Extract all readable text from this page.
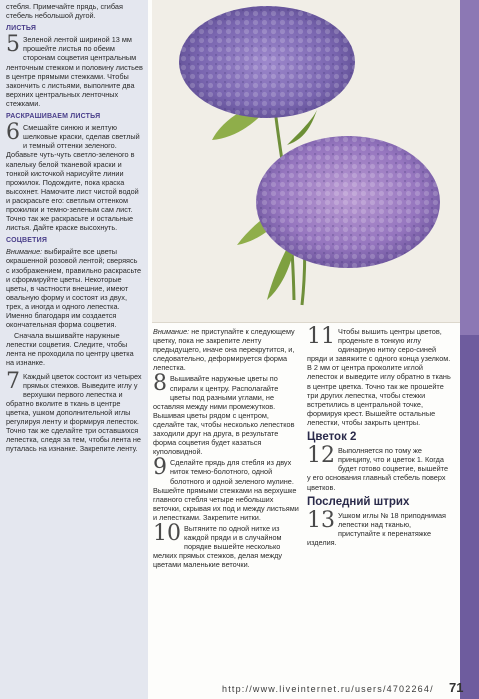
стебля. Примечайте прядь, сгибая стебель небольшой дугой.

ЛИСТЬЯ

5 Зеленой лентой шириной 13 мм прошейте листья по обеим сторонам соцветия центральным ленточным стежком и половину листьев в центре прямыми стежками. Чтобы закончить с листьями, выполните два верхних центральных ленточных стежками.

РАСКРАШИВАЕМ ЛИСТЬЯ

6 Смешайте синюю и желтую шелковые краски, сделав светлый и темный оттенки зеленого. Добавьте чуть-чуть светло-зеленого в капельку белой тканевой краски и тонкой кисточкой нарисуйте линии прожилок. Подождите, пока краска высохнет. Намочите лист чистой водой и раскрасьте его: светлым оттенком прожилки и темно-зеленым сам лист. Точно так же раскрасьте и остальные листья. Дайте краске высохнуть.

СОЦВЕТИЯ

Внимание: выбирайте все цветы окрашенной розовой лентой; сверяясь с изображением, правильно раскрасьте и сформируйте цветы. Некоторые цветы, в частности внешние, имеют овальную форму и состоят из двух, трех, а иногда и одного лепестка. Именно благодаря им создается окончательная форма соцветия.

Сначала вышивайте наружные лепестки соцветия. Следите, чтобы лента не проходила по центру цветка на изнанке.

7 Каждый цветок состоит из четырех прямых стежков. Выведите иглу у верхушки первого лепестка и обратно вколите в ткань в центре цветка, ушком дополнительной иглы регулируя ленту и формируя лепесток. Точно так же сделайте три оставшихся лепестка, следя за тем, чтобы лента не путалась на изнанке. Закрепите ленту.

Внимание: не приступайте к следующему цветку, пока не закрепите ленту предыдущего, иначе она перекрутится, и, следовательно, деформируется форма лепестка.

8 Вышивайте наружные цветы по спирали к центру. Располагайте цветы под разными углами, не оставляя между ними промежутков. Вышивая цветы рядом с центром, сделайте так, чтобы несколько лепестков заходили друг на друга, в результате форма соцветия будет казаться куполовидной.

9 Сделайте прядь для стебля из двух ниток темно-болотного, одной болотного и одной зеленого мулине. Вышейте прямыми стежками на верхушке главного стебля четыре небольших веточки, скрывая их под и между листьями и лепестками. Закрепите нитки.

10 Вытяните по одной нитке из каждой пряди и в случайном порядке вышейте несколько мелких прямых стежков, делая между цветами маленькие веточки.

11 Чтобы вышить центры цветов, проденьте в тонкую иглу одинарную нитку серо-синей пряди и завяжите с одного конца узелком. В 2 мм от центра проколите иглой лепесток и выведите иглу обратно в ткань в центре цветка. Точно так же прошейте три других лепестка, чтобы стежки встретились в центральной точке, формируя крест. Вышейте остальные лепестки, чтобы закрыть центры.

Цветок 2

12 Выполняется по тому же принципу, что и цветок 1. Когда будет готово соцветие, вышейте у его основания главный стебель поверх цветков.

Последний штрих

13 Ушком иглы № 18 приподнимая лепестки над тканью, приступайте к перенатяжке изделия.

http://www.liveinternet.ru/users/4702264/ 71
